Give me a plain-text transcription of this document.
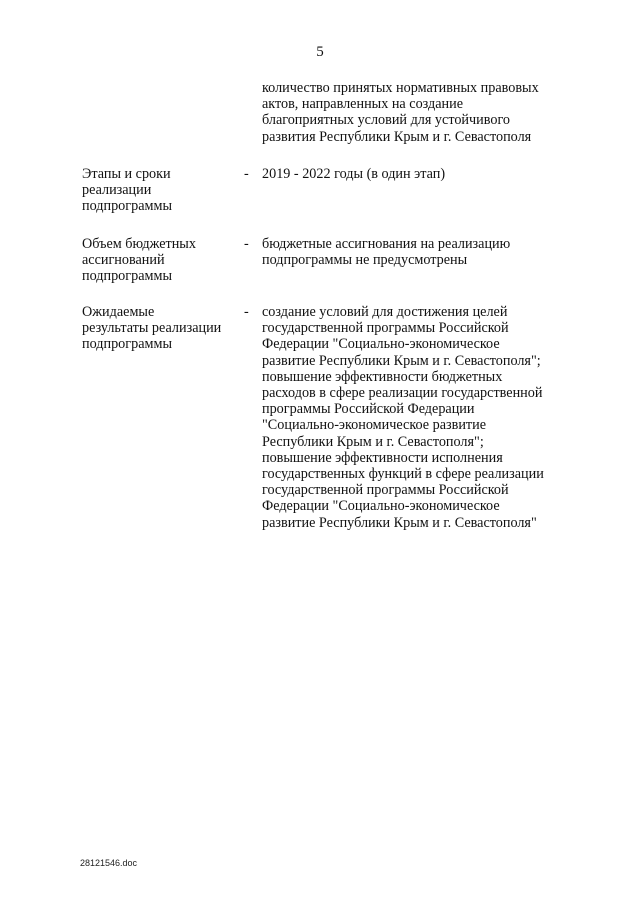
5
количество принятых нормативных правовых
актов, направленных на создание
благоприятных условий для устойчивого
развития Республики Крым и г. Севастополя
Этапы и сроки
реализации
подпрограммы
- 2019 - 2022 годы (в один этап)
Объем бюджетных
ассигнований
подпрограммы
- бюджетные ассигнования на реализацию
подпрограммы не предусмотрены
Ожидаемые
результаты реализации
подпрограммы
- создание условий для достижения целей
государственной программы Российской
Федерации "Социально-экономическое
развитие Республики Крым и г. Севастополя";
повышение эффективности бюджетных
расходов в сфере реализации государственной
программы Российской Федерации
"Социально-экономическое развитие
Республики Крым и г. Севастополя";
повышение эффективности исполнения
государственных функций в сфере реализации
государственной программы Российской
Федерации "Социально-экономическое
развитие Республики Крым и г. Севастополя"
28121546.doc
